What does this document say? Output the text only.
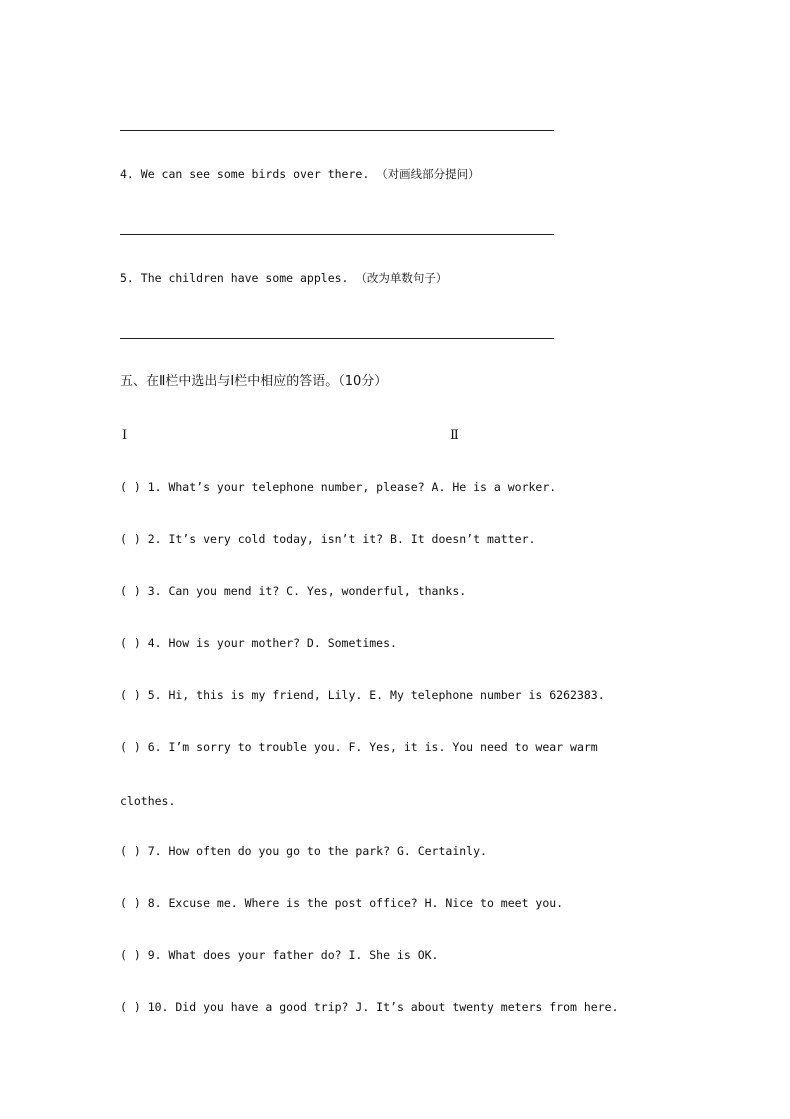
4. We can see some birds over there. （对画线部分提问）
5. The children have some apples. （改为单数句子）
五、在Ⅱ栏中选出与Ⅰ栏中相应的答语。（10分）
Ⅰ	Ⅱ
( ) 1. What’s your telephone number, please? A. He is a worker.
( ) 2. It’s very cold today, isn’t it? B. It doesn’t matter.
( ) 3. Can you mend it? C. Yes, wonderful, thanks.
( ) 4. How is your mother? D. Sometimes.
( ) 5. Hi, this is my friend, Lily. E. My telephone number is 6262383.
( ) 6. I’m sorry to trouble you. F. Yes, it is. You need to wear warm
clothes.
( ) 7. How often do you go to the park? G. Certainly.
( ) 8. Excuse me. Where is the post office? H. Nice to meet you.
( ) 9. What does your father do? I. She is OK.
( ) 10. Did you have a good trip? J. It’s about twenty meters from here.
